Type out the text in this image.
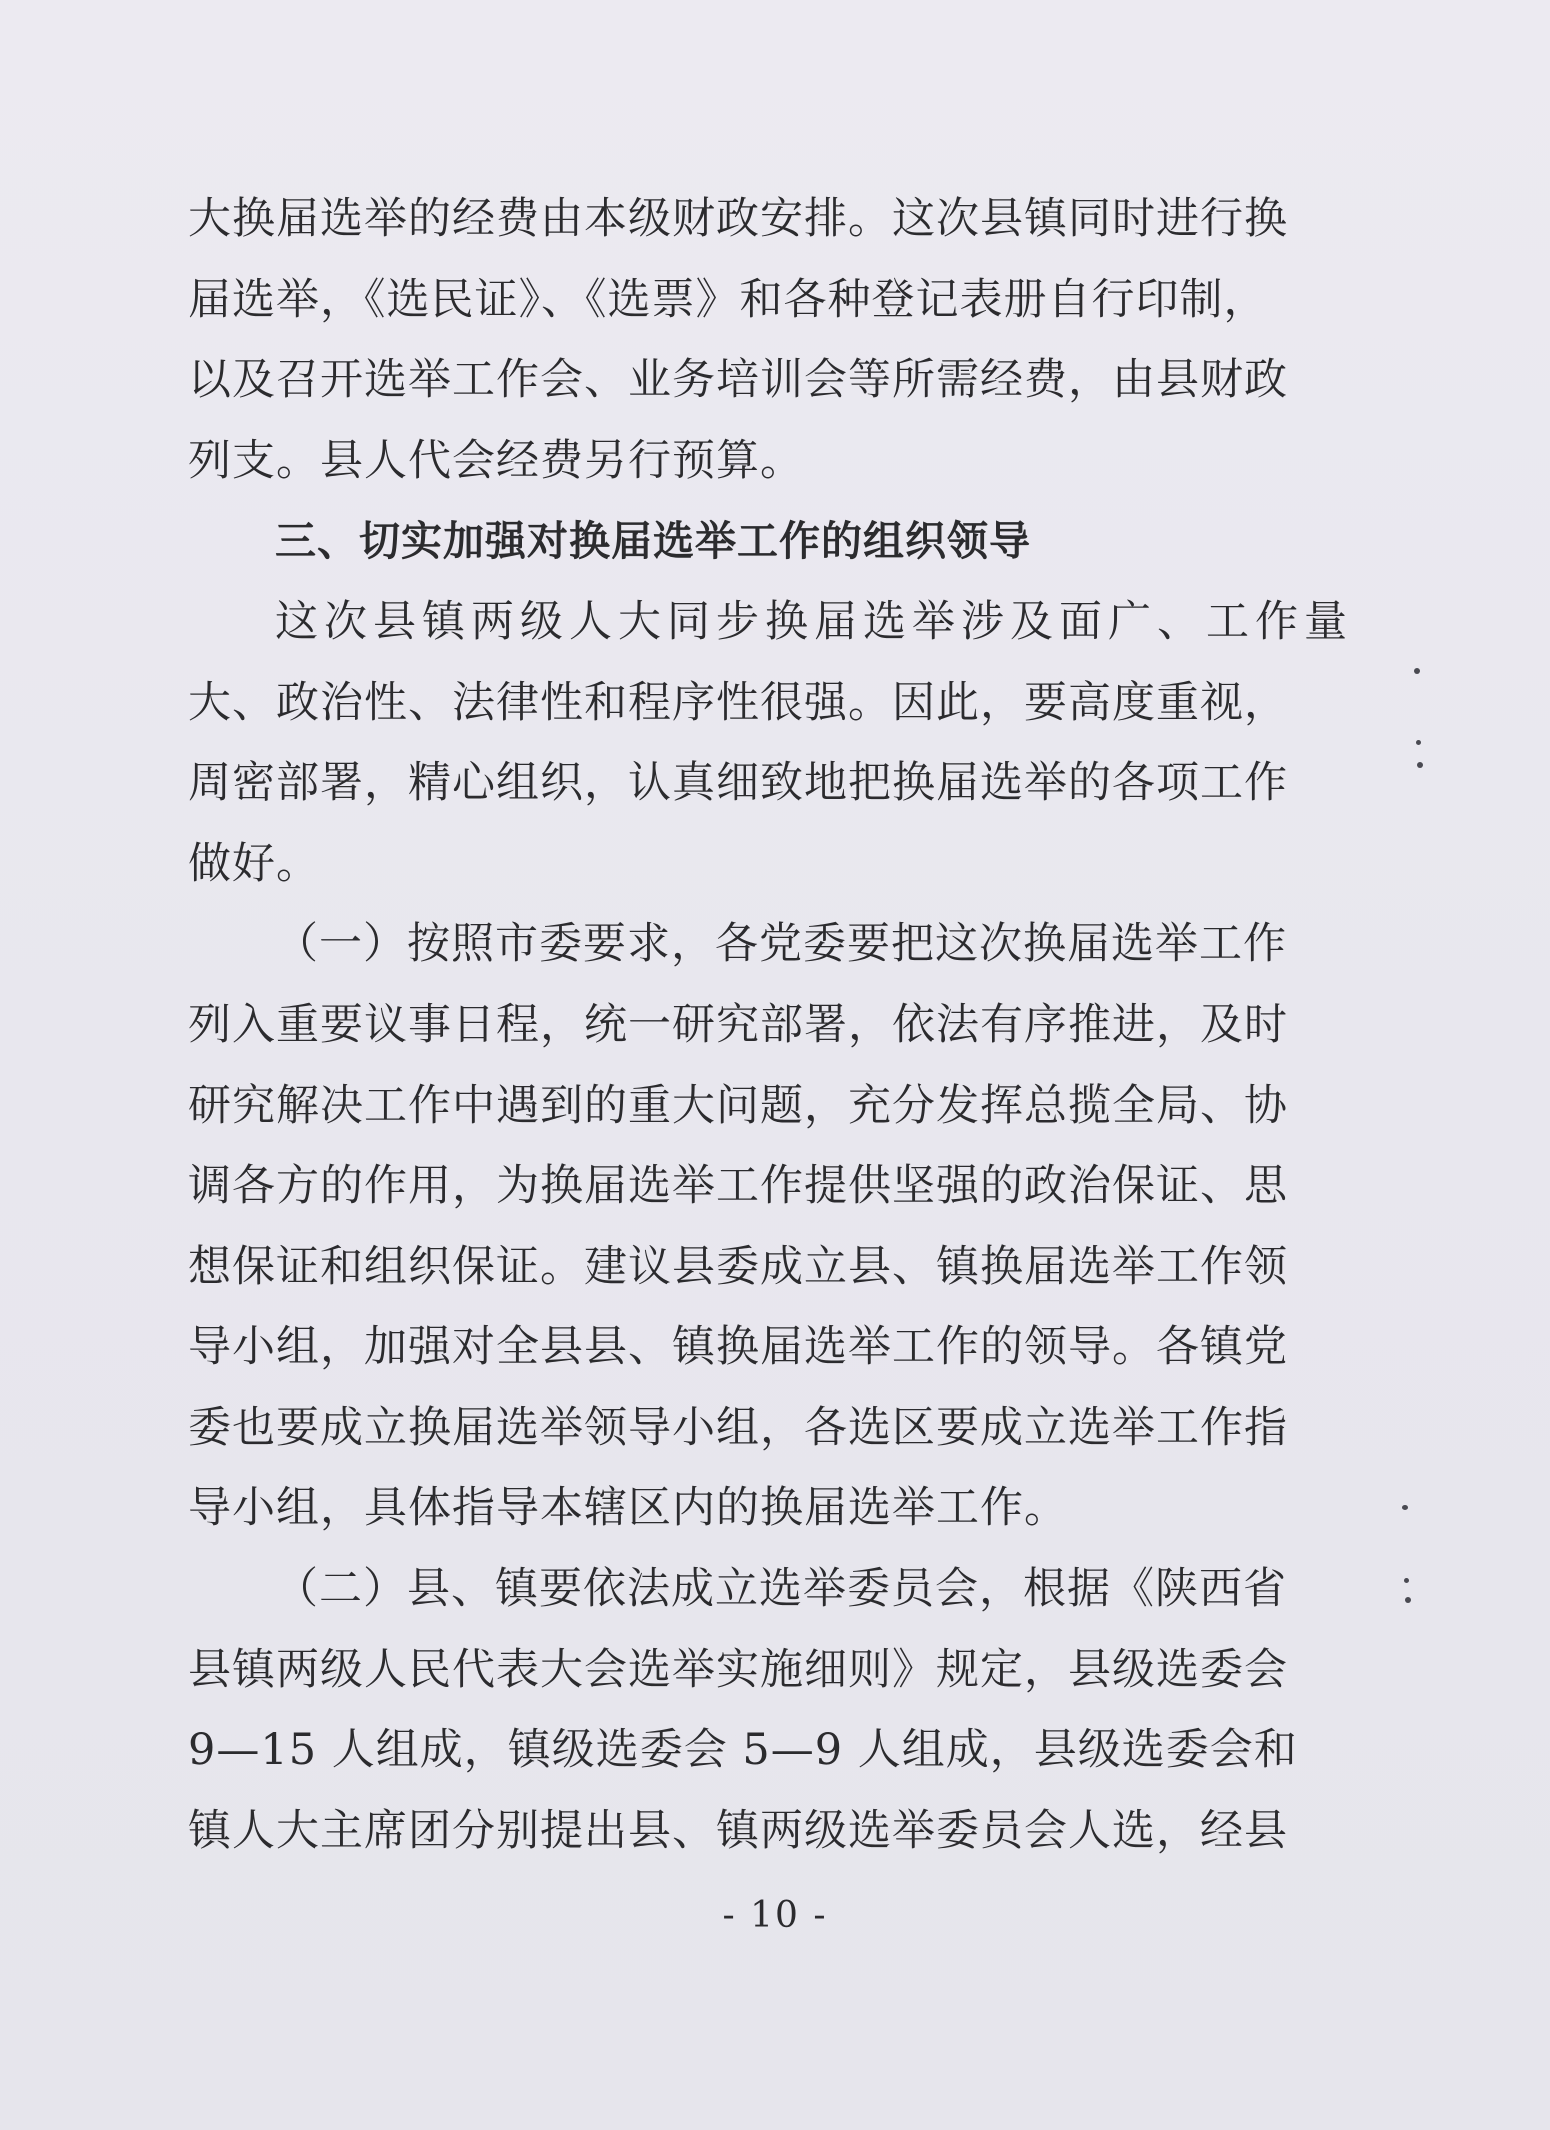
大换届选举的经费由本级财政安排。这次县镇同时进行换
届选举，《选民证》、《选票》和各种登记表册自行印制，
以及召开选举工作会、业务培训会等所需经费，由县财政
列支。县人代会经费另行预算。
三、切实加强对换届选举工作的组织领导
这次县镇两级人大同步换届选举涉及面广、工作量
大、政治性、法律性和程序性很强。因此，要高度重视，
周密部署，精心组织，认真细致地把换届选举的各项工作
做好。
（一）按照市委要求，各党委要把这次换届选举工作
列入重要议事日程，统一研究部署，依法有序推进，及时
研究解决工作中遇到的重大问题，充分发挥总揽全局、协
调各方的作用，为换届选举工作提供坚强的政治保证、思
想保证和组织保证。建议县委成立县、镇换届选举工作领
导小组，加强对全县县、镇换届选举工作的领导。各镇党
委也要成立换届选举领导小组，各选区要成立选举工作指
导小组，具体指导本辖区内的换届选举工作。
（二）县、镇要依法成立选举委员会，根据《陕西省
县镇两级人民代表大会选举实施细则》规定，县级选委会
9—15 人组成，镇级选委会 5—9 人组成，县级选委会和
镇人大主席团分别提出县、镇两级选举委员会人选，经县
- 10 -
